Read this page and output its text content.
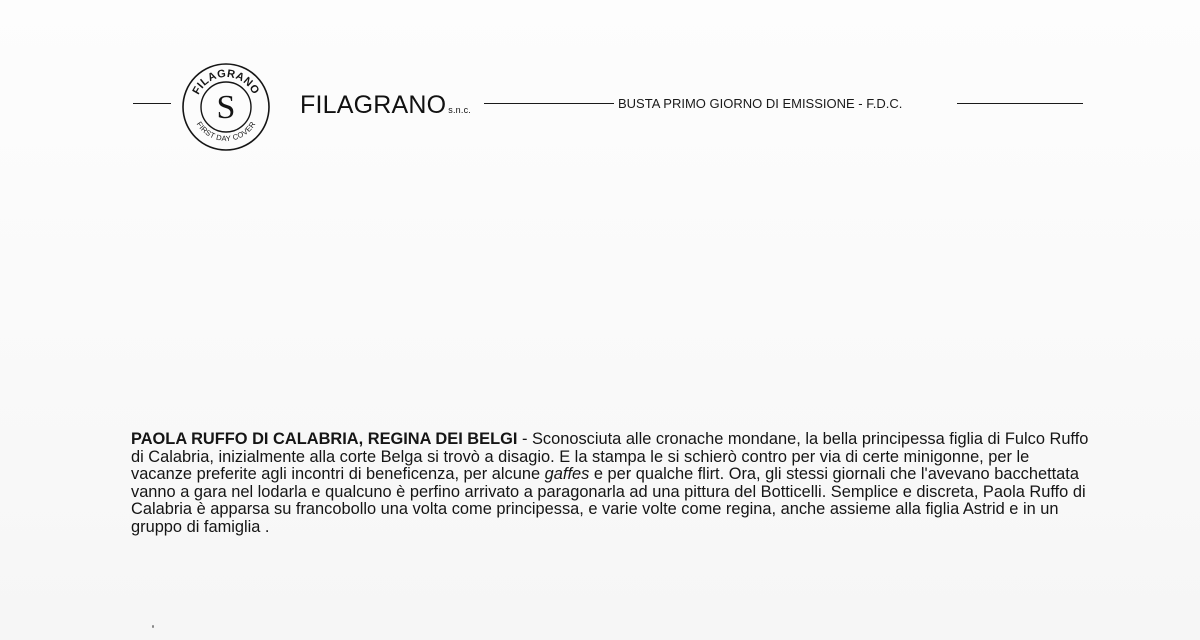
FILAGRANO
FIRST DAY COVER
S	FILAGRANO s.n.c.	BUSTA PRIMO GIORNO DI EMISSIONE - F.D.C.
PAOLA RUFFO DI CALABRIA, REGINA DEI BELGI - Sconosciuta alle cronache mondane, la bella principessa figlia di Fulco Ruffo di Calabria, inizialmente alla corte Belga si trovò a disagio. E la stampa le si schierò contro per via di certe minigonne, per le vacanze preferite agli incontri di beneficenza, per alcune gaffes e per qualche flirt. Ora, gli stessi giornali che l'avevano bacchettata vanno a gara nel lodarla e qualcuno è perfino arrivato a paragonarla ad una pittura del Botticelli. Semplice e discreta, Paola Ruffo di Calabria è apparsa su francobollo una volta come principessa, e varie volte come regina, anche assieme alla figlia Astrid e in un gruppo di famiglia .
